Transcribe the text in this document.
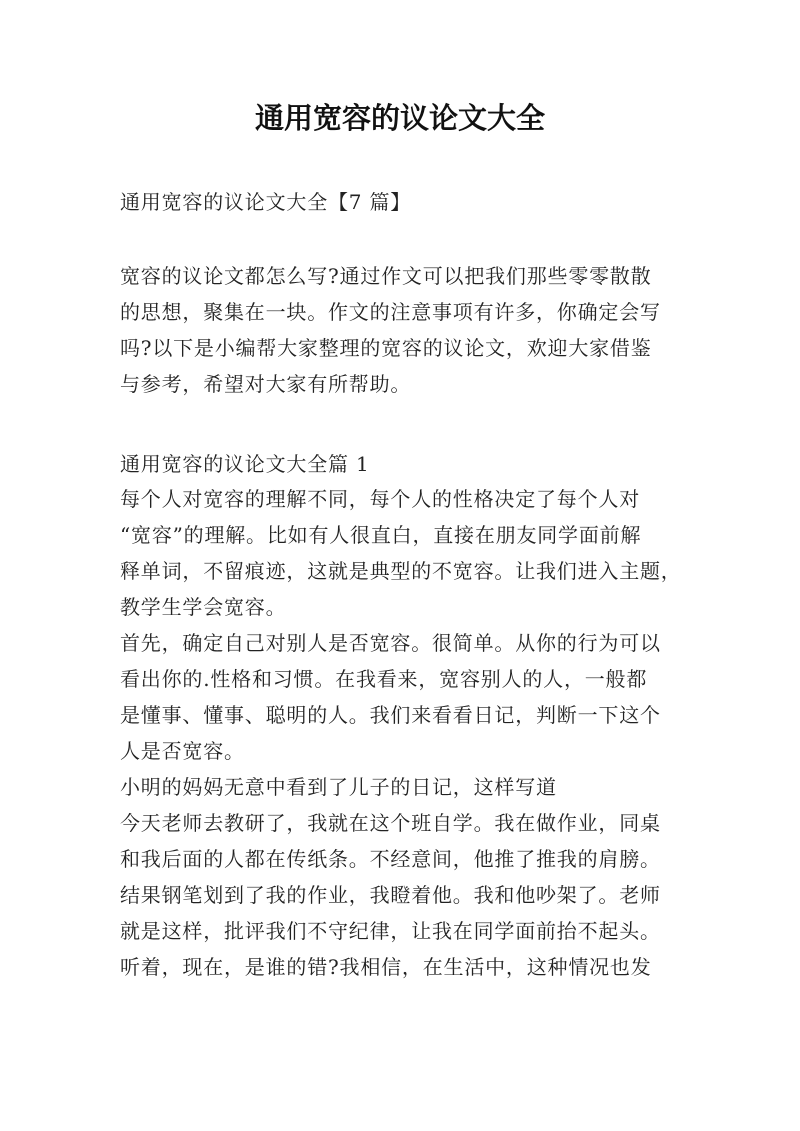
通用宽容的议论文大全
通用宽容的议论文大全【7 篇】
宽容的议论文都怎么写?通过作文可以把我们那些零零散散
的思想，聚集在一块。作文的注意事项有许多，你确定会写
吗?以下是小编帮大家整理的宽容的议论文，欢迎大家借鉴
与参考，希望对大家有所帮助。
通用宽容的议论文大全篇 1
每个人对宽容的理解不同，每个人的性格决定了每个人对
“宽容”的理解。比如有人很直白，直接在朋友同学面前解
释单词，不留痕迹，这就是典型的不宽容。让我们进入主题，
教学生学会宽容。
首先，确定自己对别人是否宽容。很简单。从你的行为可以
看出你的.性格和习惯。在我看来，宽容别人的人，一般都
是懂事、懂事、聪明的人。我们来看看日记，判断一下这个
人是否宽容。
小明的妈妈无意中看到了儿子的日记，这样写道
今天老师去教研了，我就在这个班自学。我在做作业，同桌
和我后面的人都在传纸条。不经意间，他推了推我的肩膀。
结果钢笔划到了我的作业，我瞪着他。我和他吵架了。老师
就是这样，批评我们不守纪律，让我在同学面前抬不起头。
听着，现在，是谁的错?我相信，在生活中，这种情况也发
